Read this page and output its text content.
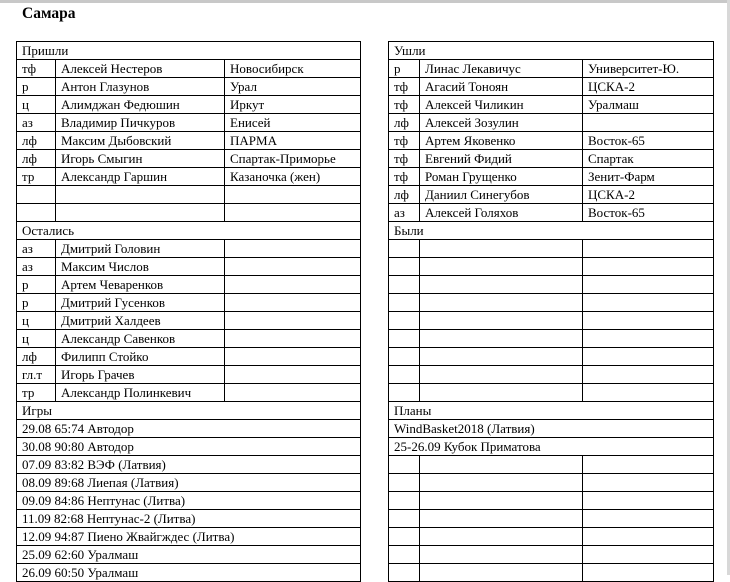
Самара
Пришли				Ушли		
тф	Алексей Нестеров	Новосибирск		р	Линас Лекавичус	Университет-Ю.
р	Антон Глазунов	Урал		тф	Агасий Тоноян	ЦСКА-2
ц	Алимджан Федюшин	Иркут		тф	Алексей Чиликин	Уралмаш
аз	Владимир Пичкуров	Енисей		лф	Алексей Зозулин	
лф	Максим Дыбовский	ПАРМА		тф	Артем Яковенко	Восток-65
лф	Игорь Смыгин	Спартак-Приморье		тф	Евгений Фидий	Спартак
тр	Александр Гаршин	Казаночка (жен)		тф	Роман Грущенко	Зенит-Фарм
				лф	Даниил Синегубов	ЦСКА-2
				аз	Алексей Голяхов	Восток-65
Остались				Были		
аз	Дмитрий Головин					
аз	Максим Числов					
р	Артем Чеваренков					
р	Дмитрий Гусенков					
ц	Дмитрий Халдеев					
ц	Александр Савенков					
лф	Филипп Стойко					
гл.т	Игорь Грачев					
тр	Александр Полинкевич					
Игры				Планы		
29.08 65:74 Автодор				WindBasket2018 (Латвия)		
30.08 90:80 Автодор				25-26.09 Кубок Приматова		
07.09 83:82 ВЭФ (Латвия)						
08.09 89:68 Лиепая (Латвия)						
09.09 84:86 Нептунас (Литва)						
11.09 82:68 Нептунас-2 (Литва)						
12.09 94:87 Пиено Жвайгждес (Литва)						
25.09 62:60 Уралмаш						
26.09 60:50 Уралмаш						
